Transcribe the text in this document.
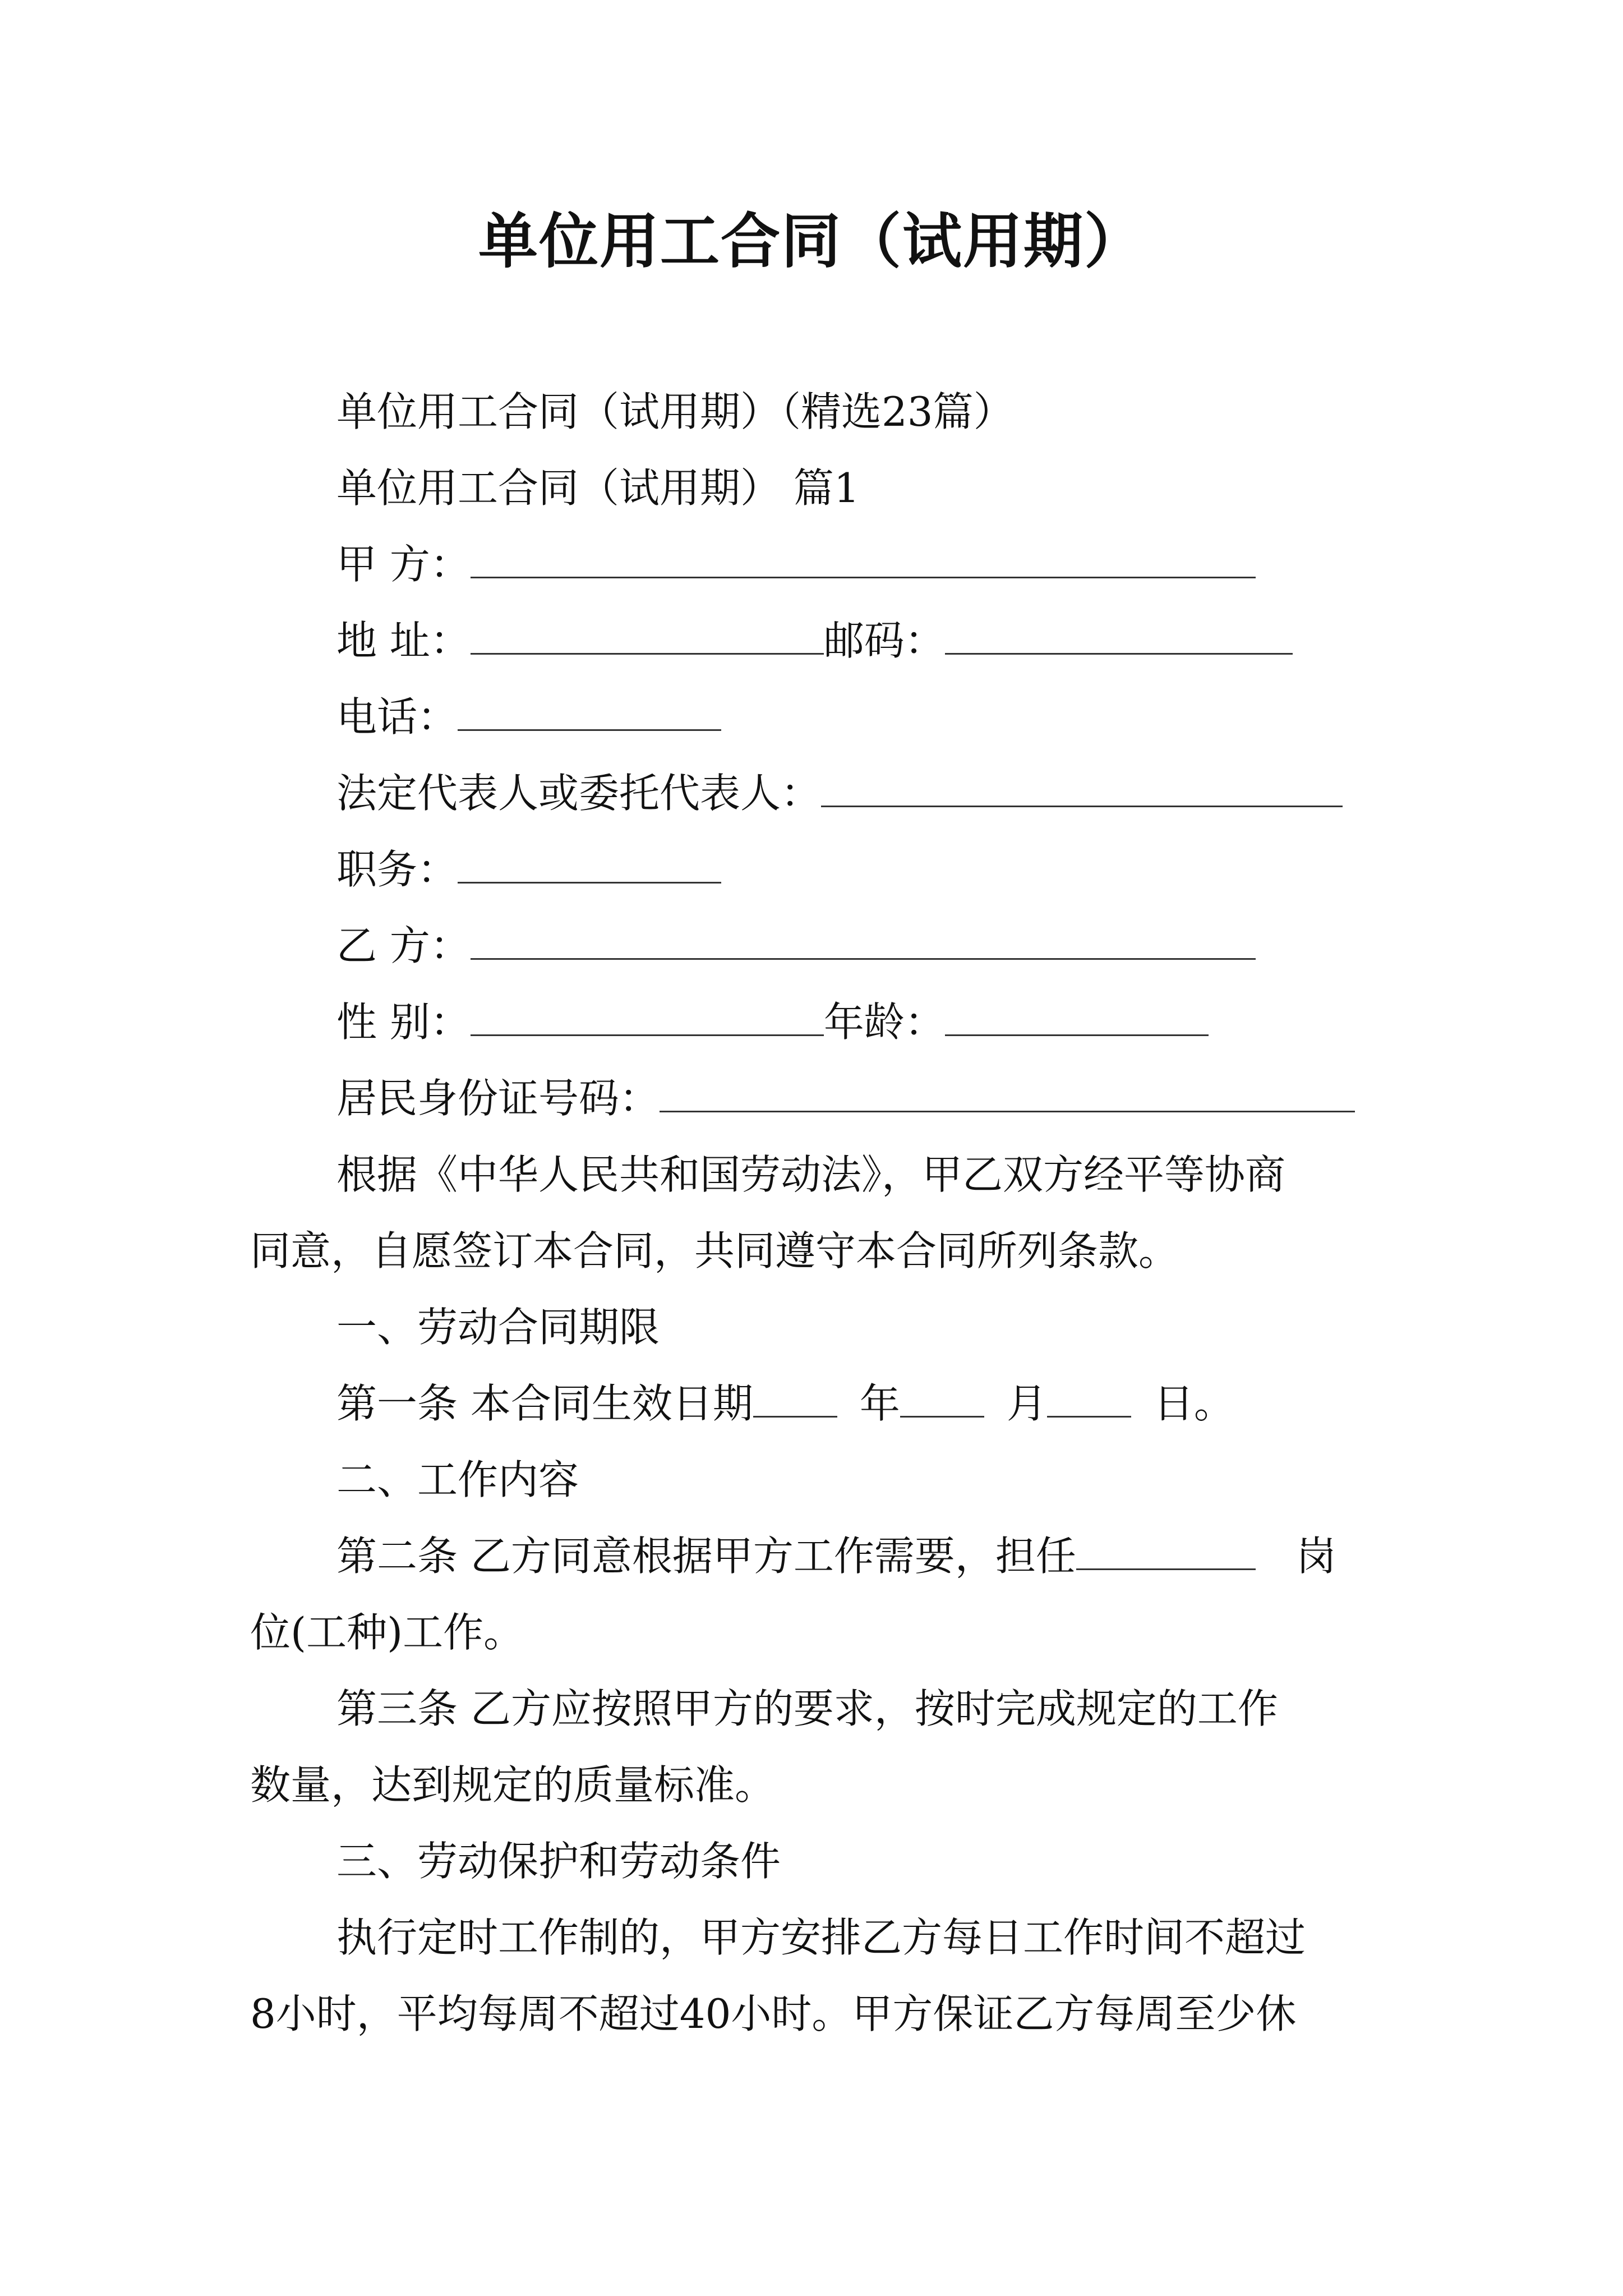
单位用工合同（试用期）
单位用工合同（试用期）（精选23篇）
单位用工合同（试用期） 篇1
甲 方：
地 址：	邮码：
电话：
法定代表人或委托代表人：
职务：
乙 方：
性 别：	年龄：
居民身份证号码：
根据《中华人民共和国劳动法》，甲乙双方经平等协商
同意，自愿签订本合同，共同遵守本合同所列条款。
一、劳动合同期限
第一条 本合同生效日期	年	月	日。
二、工作内容
第二条 乙方同意根据甲方工作需要，担任	岗
位(工种)工作。
第三条 乙方应按照甲方的要求，按时完成规定的工作
数量，达到规定的质量标准。
三、劳动保护和劳动条件
执行定时工作制的，甲方安排乙方每日工作时间不超过
8小时，平均每周不超过40小时。甲方保证乙方每周至少休
